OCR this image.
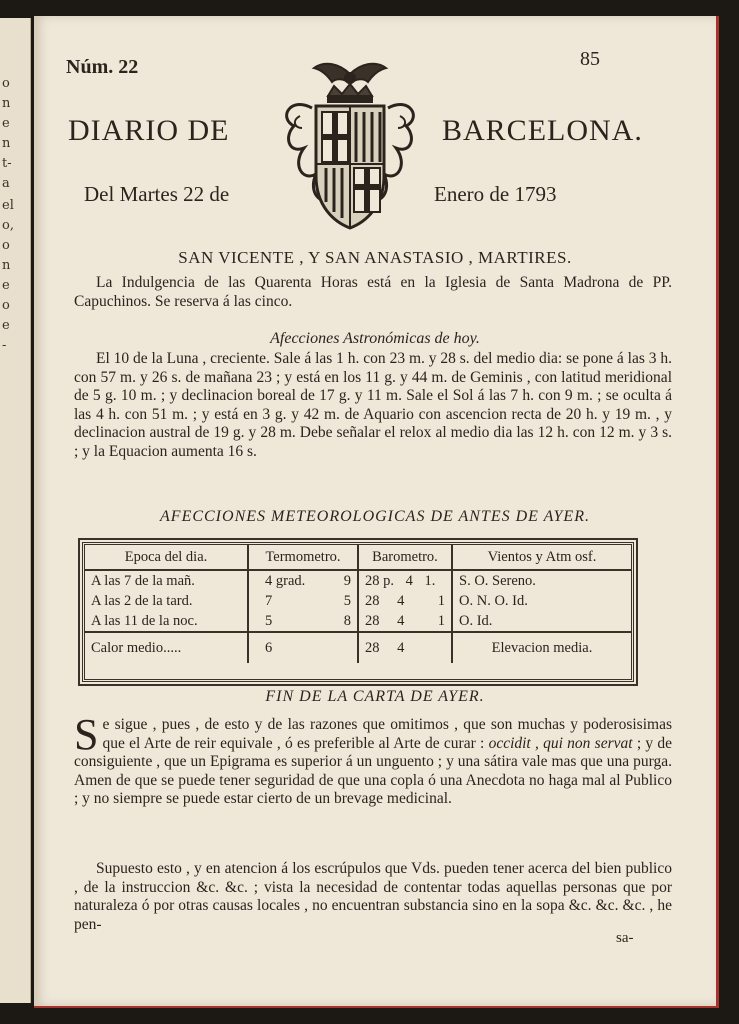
o
n
e
n
t-
a
el
o,
o
n
e
o
e
-
Núm. 22	85
DIARIO DE	BARCELONA.
Del Martes 22 de	Enero de 1793
SAN VICENTE , Y SAN ANASTASIO , MARTIRES.
La Indulgencia de las Quarenta Horas está en la Iglesia de Santa Madrona de PP. Capuchinos. Se reserva á las cinco.
Afecciones Astronómicas de hoy.
El 10 de la Luna , creciente. Sale á las 1 h. con 23 m. y 28 s. del medio dia: se pone á las 3 h. con 57 m. y 26 s. de mañana 23 ; y está en los 11 g. y 44 m. de Geminis , con latitud meridional de 5 g. 10 m. ; y declinacion boreal de 17 g. y 11 m. Sale el Sol á las 7 h. con 9 m. ; se oculta á las 4 h. con 51 m. ; y está en 3 g. y 42 m. de Aquario con ascencion recta de 20 h. y 19 m. , y declinacion austral de 19 g. y 28 m. Debe señalar el relox al medio dia las 12 h. con 12 m. y 3 s. ; y la Equacion aumenta 16 s.
AFECCIONES METEOROLOGICAS DE ANTES DE AYER.
Epoca del dia.	Termometro.	Barometro.	Vientos y Atm osf.
A las 7 de la mañ.	4 grad. 9	28 p. 4 1.	S. O. Sereno.
A las 2 de la tard.	7 5	28 4 1	O. N. O. Id.
A las 11 de la noc.	5 8	28 4 1	O. Id.
Calor medio.....	6	28 4	Elevacion media.
FIN DE LA CARTA DE AYER.
Se sigue , pues , de esto y de las razones que omitimos , que son muchas y poderosisimas que el Arte de reir equivale , ó es preferible al Arte de curar : occidit , qui non servat ; y de consiguiente , que un Epigrama es superior á un unguento ; y una sátira vale mas que una purga. Amen de que se puede tener seguridad de que una copla ó una Anecdota no haga mal al Publico ; y no siempre se puede estar cierto de un brevage medicinal.
Supuesto esto , y en atencion á los escrúpulos que Vds. pueden tener acerca del bien publico , de la instruccion &c. &c. ; vista la necesidad de contentar todas aquellas personas que por naturaleza ó por otras causas locales , no encuentran substancia sino en la sopa &c. &c. &c. , he pen-
sa-
